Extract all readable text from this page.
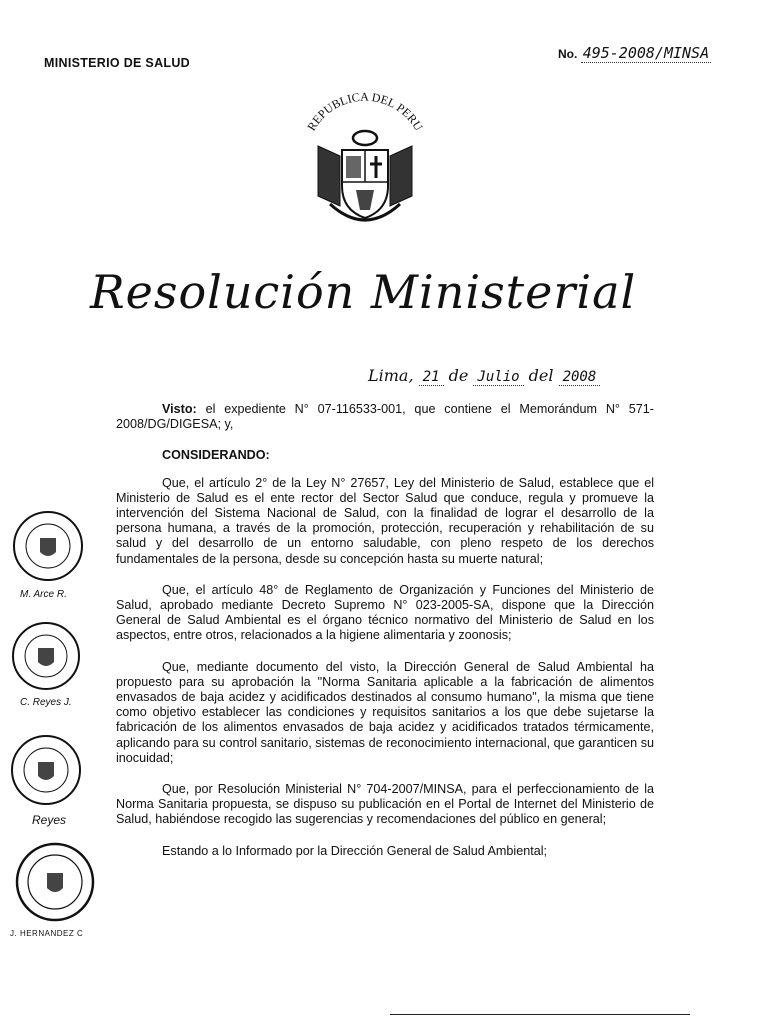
MINISTERIO DE SALUD
No. 495-2008/MINSA
REPUBLICA DEL PERU
Resolución Ministerial
Lima, 21 de Julio del 2008

Visto: el expediente N° 07-116533-001, que contiene el Memorándum N° 571-2008/DG/DIGESA; y,

CONSIDERANDO:

Que, el artículo 2° de la Ley N° 27657, Ley del Ministerio de Salud, establece que el Ministerio de Salud es el ente rector del Sector Salud que conduce, regula y promueve la intervención del Sistema Nacional de Salud, con la finalidad de lograr el desarrollo de la persona humana, a través de la promoción, protección, recuperación y rehabilitación de su salud y del desarrollo de un entorno saludable, con pleno respeto de los derechos fundamentales de la persona, desde su concepción hasta su muerte natural;

Que, el artículo 48° de Reglamento de Organización y Funciones del Ministerio de Salud, aprobado mediante Decreto Supremo N° 023-2005-SA, dispone que la Dirección General de Salud Ambiental es el órgano técnico normativo del Ministerio de Salud en los aspectos, entre otros, relacionados a la higiene alimentaria y zoonosis;

Que, mediante documento del visto, la Dirección General de Salud Ambiental ha propuesto para su aprobación la "Norma Sanitaria aplicable a la fabricación de alimentos envasados de baja acidez y acidificados destinados al consumo humano", la misma que tiene como objetivo establecer las condiciones y requisitos sanitarios a los que debe sujetarse la fabricación de los alimentos envasados de baja acidez y acidificados tratados térmicamente, aplicando para su control sanitario, sistemas de reconocimiento internacional, que garanticen su inocuidad;

Que, por Resolución Ministerial N° 704-2007/MINSA, para el perfeccionamiento de la Norma Sanitaria propuesta, se dispuso su publicación en el Portal de Internet del Ministerio de Salud, habiéndose recogido las sugerencias y recomendaciones del público en general;

Estando a lo Informado por la Dirección General de Salud Ambiental;

M. Arce R.
C. Reyes J.
Reyes
J. HERNANDEZ C
